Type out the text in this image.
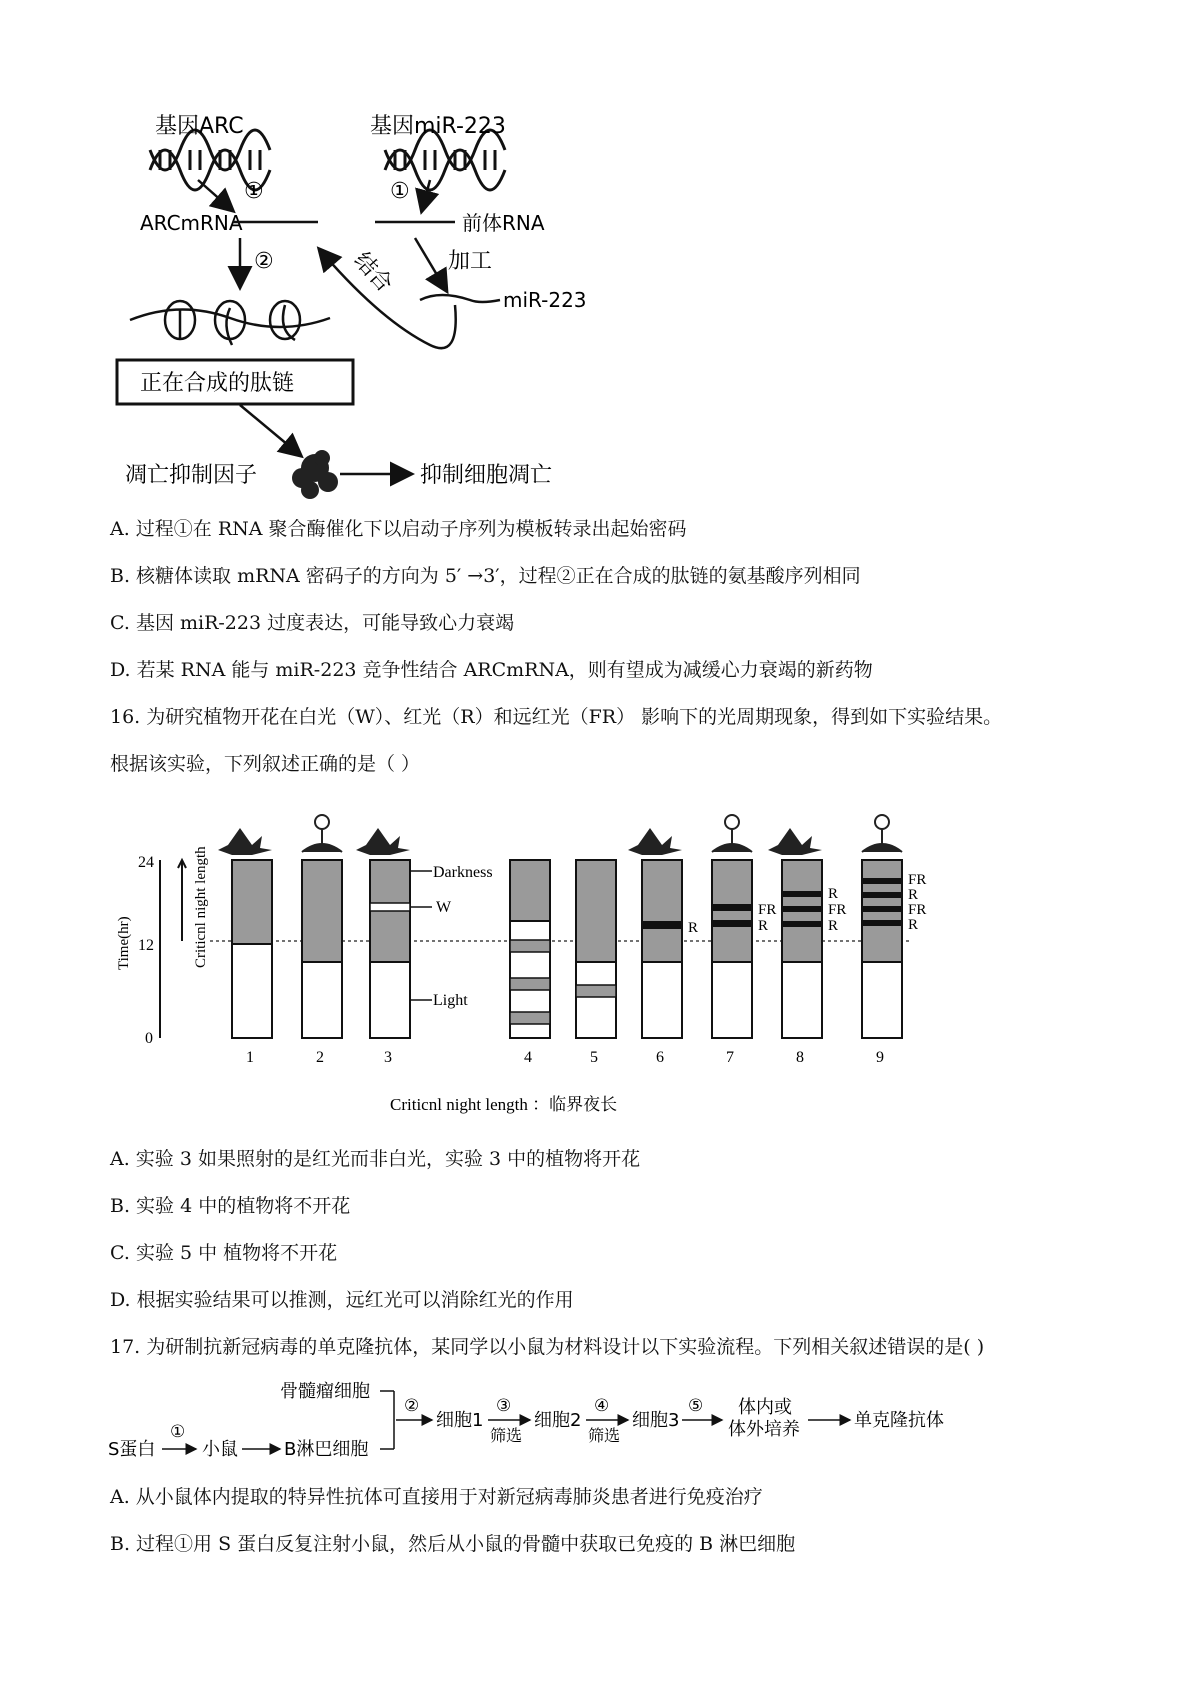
基因ARC	基因miR-223
①	①
ARCmRNA	前体RNA
②	加工
miR-223
结合
正在合成的肽链
凋亡抑制因子	抑制细胞凋亡
A. 过程①在 RNA 聚合酶催化下以启动子序列为模板转录出起始密码
B. 核糖体读取 mRNA 密码子的方向为 5′ →3′，过程②正在合成的肽链的氨基酸序列相同
C. 基因 miR-223 过度表达，可能导致心力衰竭
D. 若某 RNA 能与 miR-223 竞争性结合 ARCmRNA，则有望成为减缓心力衰竭的新药物
16. 为研究植物开花在白光（W）、红光（R）和远红光（FR） 影响下的光周期现象，得到如下实验结果。
根据该实验，下列叙述正确的是（ ）
24
12
0
Time(hr)	Criticnl night length	Darkness
W
Light
R
FR
R
R
FR
R
FR
R
FR
R
1	2	3	4	5	6	7	8	9
Criticnl night length ：临界夜长
A. 实验 3 如果照射的是红光而非白光，实验 3 中的植物将开花
B. 实验 4 中的植物将不开花
C. 实验 5 中 植物将不开花
D. 根据实验结果可以推测，远红光可以消除红光的作用
17. 为研制抗新冠病毒的单克隆抗体，某同学以小鼠为材料设计以下实验流程。下列相关叙述错误的是( )
骨髓瘤细胞
S蛋白
①
小鼠	B淋巴细胞
②
细胞1
③
筛选
细胞2
④
筛选
细胞3
⑤ 体内或
体外培养	单克隆抗体
A. 从小鼠体内提取的特异性抗体可直接用于对新冠病毒肺炎患者进行免疫治疗
B. 过程①用 S 蛋白反复注射小鼠，然后从小鼠的骨髓中获取已免疫的 B 淋巴细胞
